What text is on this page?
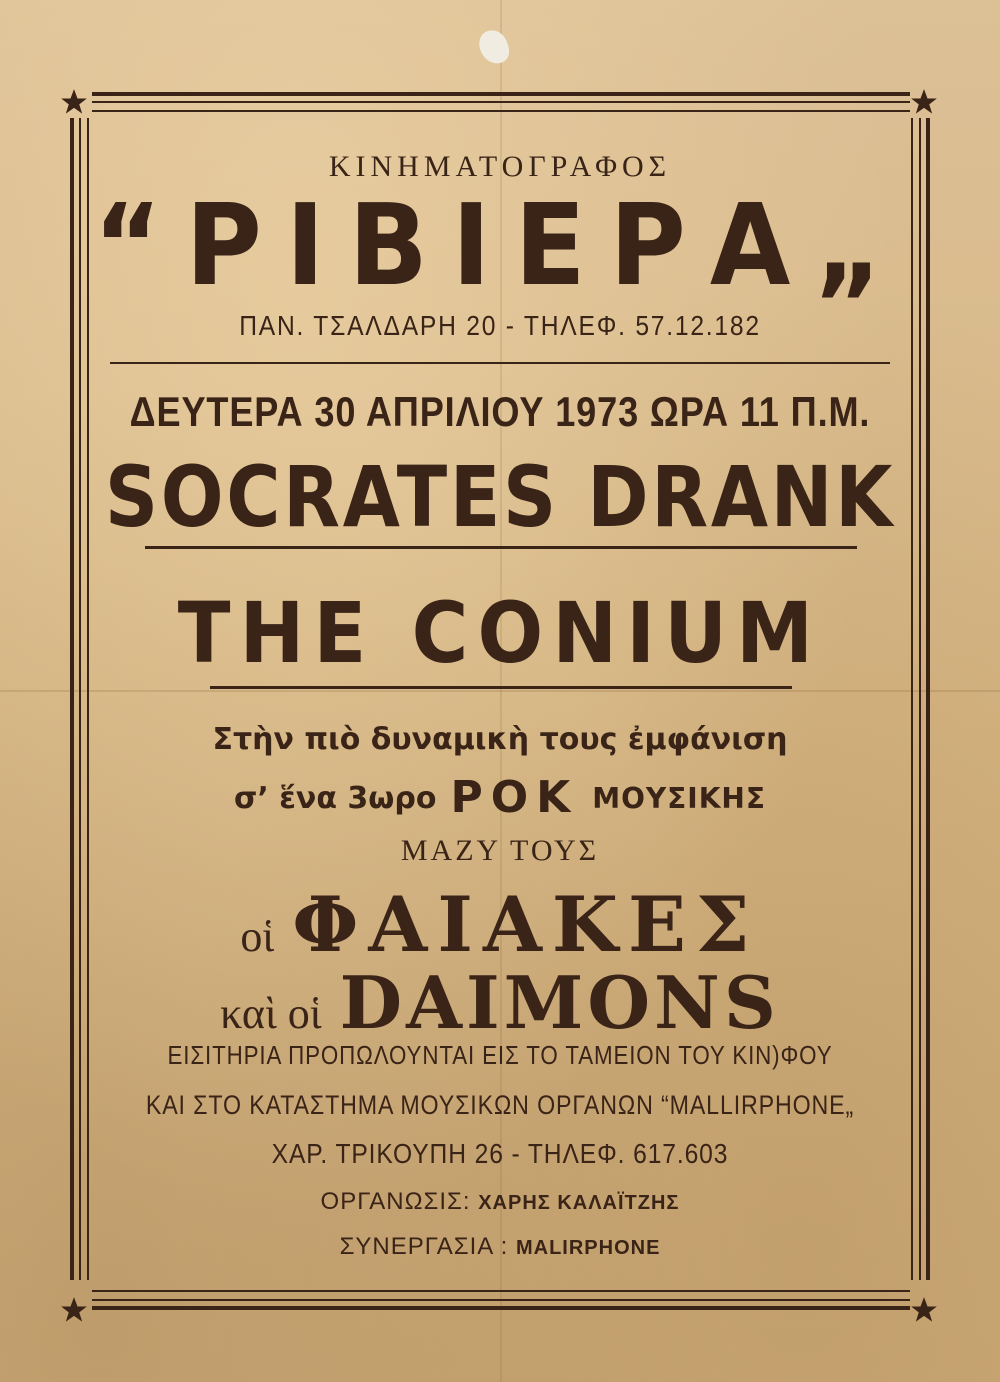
ΚΙΝΗΜΑΤΟΓΡΑΦΟΣ
“ΡΙΒΙΕΡΑ„
ΠΑΝ. ΤΣΑΛΔΑΡΗ 20 - ΤΗΛΕΦ. 57.12.182
ΔΕΥΤΕΡΑ 30 ΑΠΡΙΛΙΟΥ 1973 ΩΡΑ 11 Π.Μ.
SOCRATES DRANK
THE CONIUM
Στὴν πιὸ δυναμικὴ τους ἐμφάνιση
σ’ ἕνα 3ωρο ΡΟΚ ΜΟΥΣΙΚΗΣ
ΜΑΖΥ ΤΟΥΣ
οἱ ΦΑΙΑΚΕΣ
καὶ οἱ DAIMONS
ΕΙΣΙΤΗΡΙΑ ΠΡΟΠΩΛΟΥΝΤΑΙ ΕΙΣ ΤΟ ΤΑΜΕΙΟΝ ΤΟΥ ΚΙΝ)ΦΟΥ
ΚΑΙ ΣΤΟ ΚΑΤΑΣΤΗΜΑ ΜΟΥΣΙΚΩΝ ΟΡΓΑΝΩΝ “MALLIRPHONE„
ΧΑΡ. ΤΡΙΚΟΥΠΗ 26 - ΤΗΛΕΦ. 617.603
ΟΡΓΑΝΩΣΙΣ: ΧΑΡΗΣ ΚΑΛΑΪΤΖΗΣ
ΣΥΝΕΡΓΑΣΙΑ : MALIRPHONE
